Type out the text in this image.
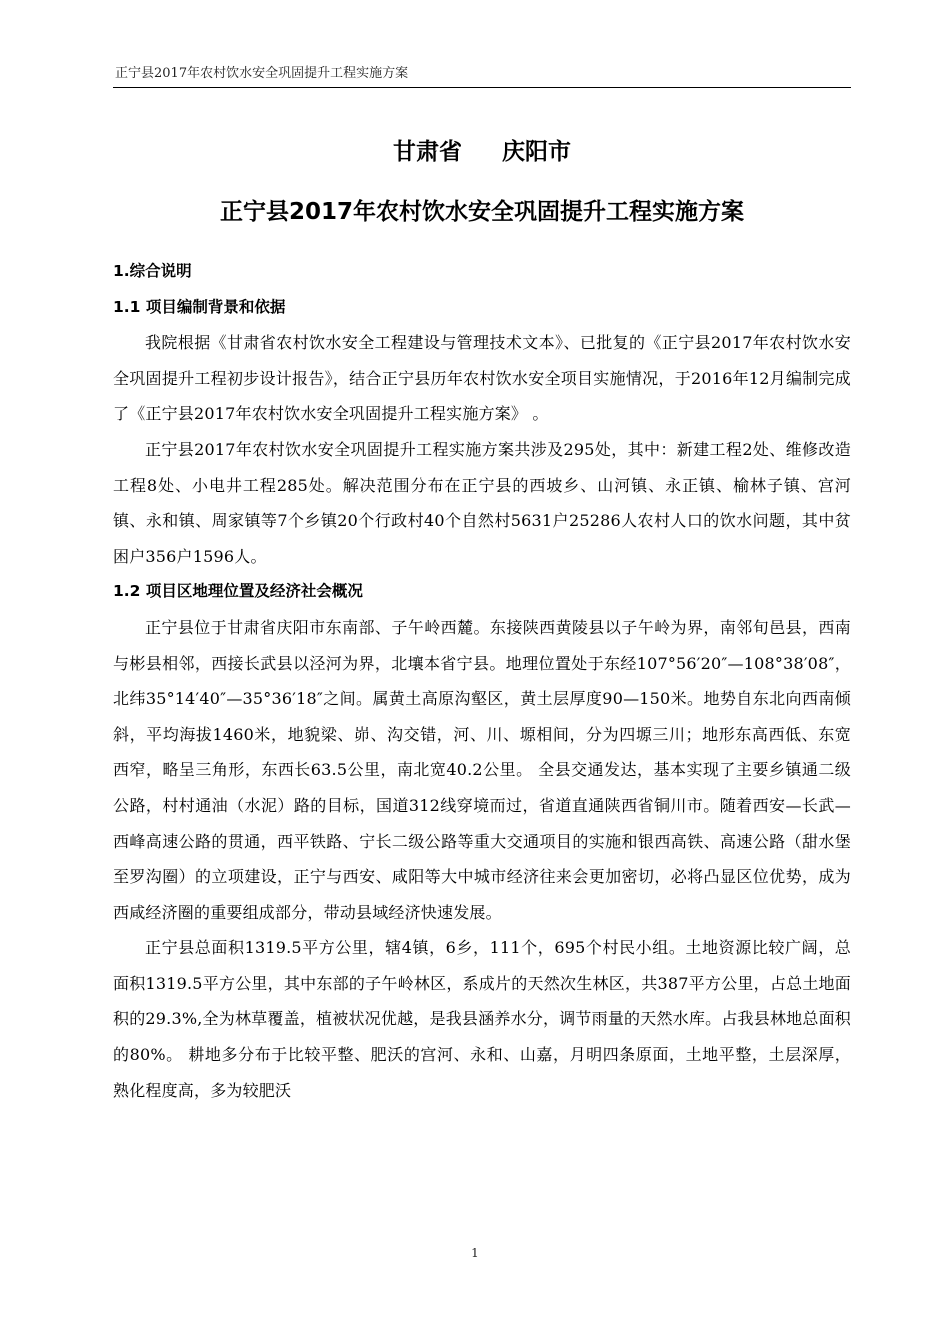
正宁县2017年农村饮水安全巩固提升工程实施方案
甘肃省 庆阳市
正宁县2017年农村饮水安全巩固提升工程实施方案

1.综合说明

1.1 项目编制背景和依据

我院根据《甘肃省农村饮水安全工程建设与管理技术文本》、已批复的《正宁县2017年农村饮水安全巩固提升工程初步设计报告》，结合正宁县历年农村饮水安全项目实施情况，于2016年12月编制完成了《正宁县2017年农村饮水安全巩固提升工程实施方案》 。

正宁县2017年农村饮水安全巩固提升工程实施方案共涉及295处，其中：新建工程2处、维修改造工程8处、小电井工程285处。解决范围分布在正宁县的西坡乡、山河镇、永正镇、榆林子镇、宫河镇、永和镇、周家镇等7个乡镇20个行政村40个自然村5631户25286人农村人口的饮水问题，其中贫困户356户1596人。

1.2 项目区地理位置及经济社会概况

正宁县位于甘肃省庆阳市东南部、子午岭西麓。东接陕西黄陵县以子午岭为界，南邻旬邑县，西南与彬县相邻，西接长武县以泾河为界，北壤本省宁县。地理位置处于东经107°56′20″—108°38′08″，北纬35°14′40″—35°36′18″之间。属黄土高原沟壑区，黄土层厚度90—150米。地势自东北向西南倾斜，平均海拔1460米，地貌梁、峁、沟交错，河、川、塬相间，分为四塬三川；地形东高西低、东宽西窄，略呈三角形，东西长63.5公里，南北宽40.2公里。 全县交通发达，基本实现了主要乡镇通二级公路，村村通油（水泥）路的目标，国道312线穿境而过，省道直通陕西省铜川市。随着西安—长武—西峰高速公路的贯通，西平铁路、宁长二级公路等重大交通项目的实施和银西高铁、高速公路（甜水堡至罗沟圈）的立项建设，正宁与西安、咸阳等大中城市经济往来会更加密切，必将凸显区位优势，成为西咸经济圈的重要组成部分，带动县域经济快速发展。

正宁县总面积1319.5平方公里，辖4镇，6乡，111个，695个村民小组。土地资源比较广阔，总面积1319.5平方公里，其中东部的子午岭林区，系成片的天然次生林区，共387平方公里，占总土地面积的29.3%,全为林草覆盖，植被状况优越，是我县涵养水分，调节雨量的天然水库。占我县林地总面积的80%。 耕地多分布于比较平整、肥沃的宫河、永和、山嘉，月明四条原面，土地平整，土层深厚，熟化程度高，多为较肥沃

1
